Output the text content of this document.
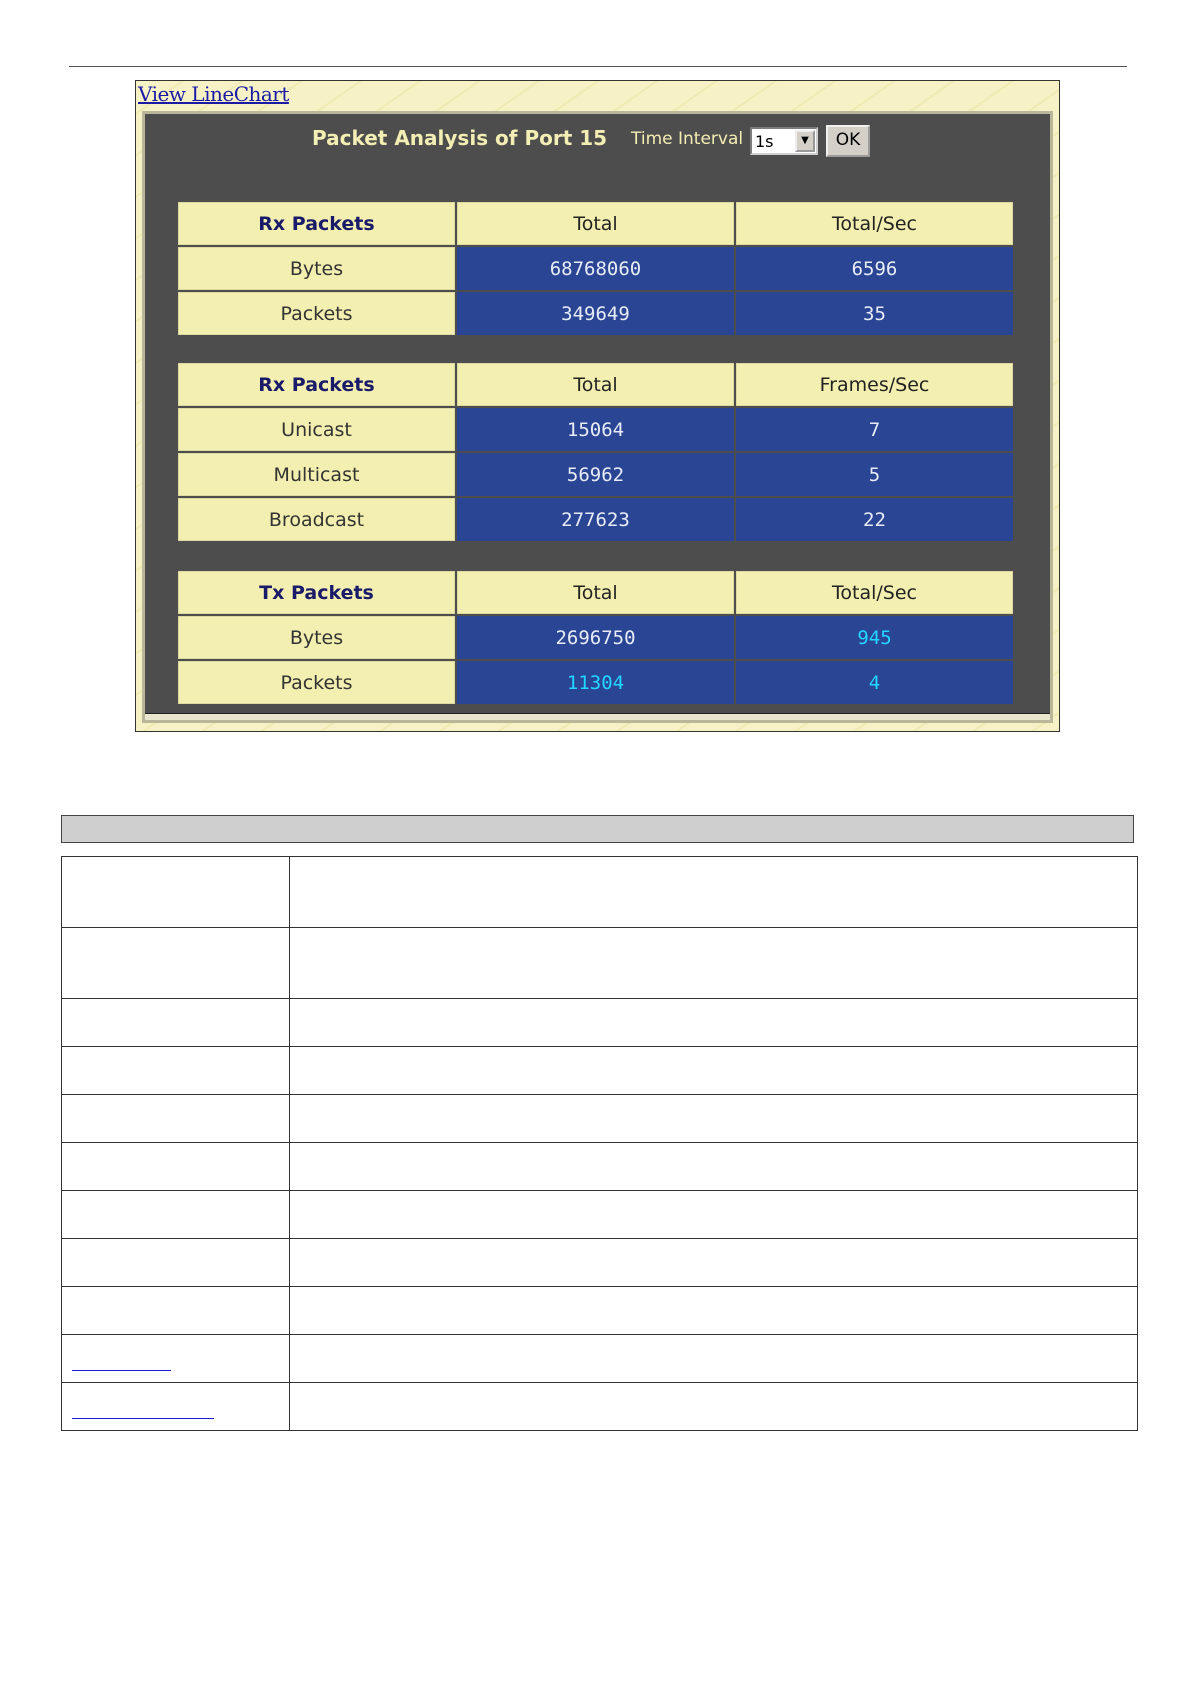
View LineChart
Packet Analysis of Port 15 Time Interval 1s	▼	OK
Rx Packets	Total	Total/Sec
Bytes	68768060	6596
Packets	349649	35
Rx Packets	Total	Frames/Sec
Unicast	15064	7
Multicast	56962	5
Broadcast	277623	22
Tx Packets	Total	Total/Sec
Bytes	2696750	945
Packets	11304	4
